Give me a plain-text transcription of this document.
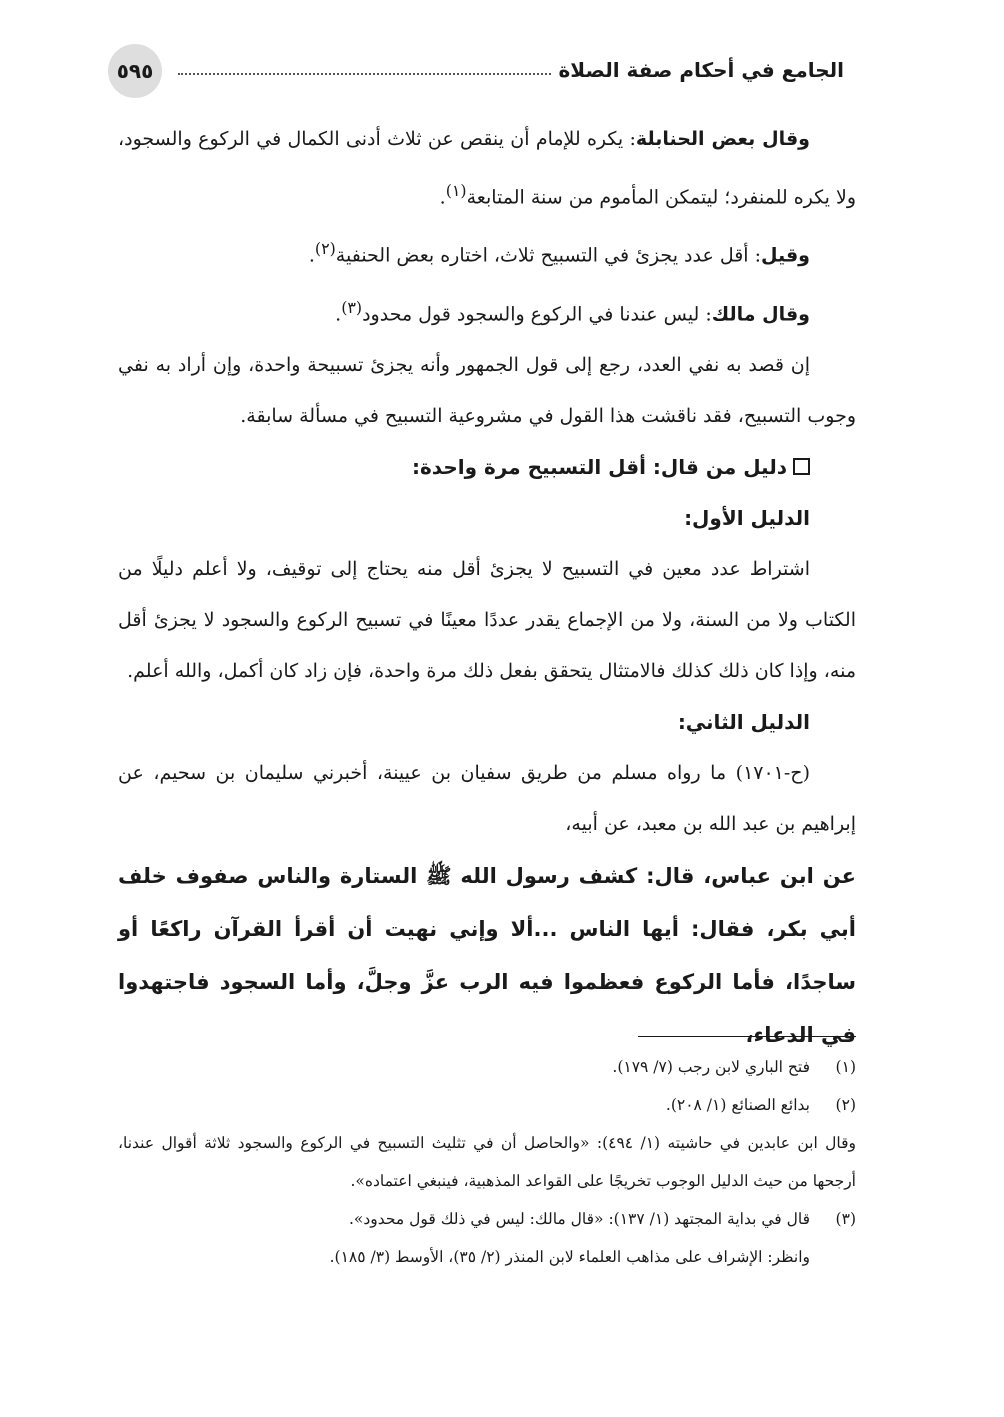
٥٩٥	الجامع في أحكام صفة الصلاة

وقال بعض الحنابلة: يكره للإمام أن ينقص عن ثلاث أدنى الكمال في الركوع والسجود، ولا يكره للمنفرد؛ ليتمكن المأموم من سنة المتابعة$^{(١)}$.

وقيل: أقل عدد يجزئ في التسبيح ثلاث، اختاره بعض الحنفية$^{(٢)}$.

وقال مالك: ليس عندنا في الركوع والسجود قول محدود$^{(٣)}$.

إن قصد به نفي العدد، رجع إلى قول الجمهور وأنه يجزئ تسبيحة واحدة، وإن أراد به نفي وجوب التسبيح، فقد ناقشت هذا القول في مشروعية التسبيح في مسألة سابقة.

دليل من قال: أقل التسبيح مرة واحدة:

الدليل الأول:

اشتراط عدد معين في التسبيح لا يجزئ أقل منه يحتاج إلى توقيف، ولا أعلم دليلًا من الكتاب ولا من السنة، ولا من الإجماع يقدر عددًا معينًا في تسبيح الركوع والسجود لا يجزئ أقل منه، وإذا كان ذلك كذلك فالامتثال يتحقق بفعل ذلك مرة واحدة، فإن زاد كان أكمل، والله أعلم.

الدليل الثاني:

(ح-١٧٠١) ما رواه مسلم من طريق سفيان بن عيينة، أخبرني سليمان بن سحيم، عن إبراهيم بن عبد الله بن معبد، عن أبيه،

عن ابن عباس، قال: كشف رسول الله ﷺ الستارة والناس صفوف خلف أبي بكر، فقال: أيها الناس ...ألا وإني نهيت أن أقرأ القرآن راكعًا أو ساجدًا، فأما الركوع فعظموا فيه الرب عزَّ وجلَّ، وأما السجود فاجتهدوا في الدعاء،

(١)
فتح الباري لابن رجب (٧/ ١٧٩).
(٢)
بدائع الصنائع (١/ ٢٠٨).
وقال ابن عابدين في حاشيته (١/ ٤٩٤): «والحاصل أن في تثليث التسبيح في الركوع والسجود ثلاثة أقوال عندنا، أرجحها من حيث الدليل الوجوب تخريجًا على القواعد المذهبية، فينبغي اعتماده».
(٣)
قال في بداية المجتهد (١/ ١٣٧): «قال مالك: ليس في ذلك قول محدود».
وانظر: الإشراف على مذاهب العلماء لابن المنذر (٢/ ٣٥)، الأوسط (٣/ ١٨٥).
